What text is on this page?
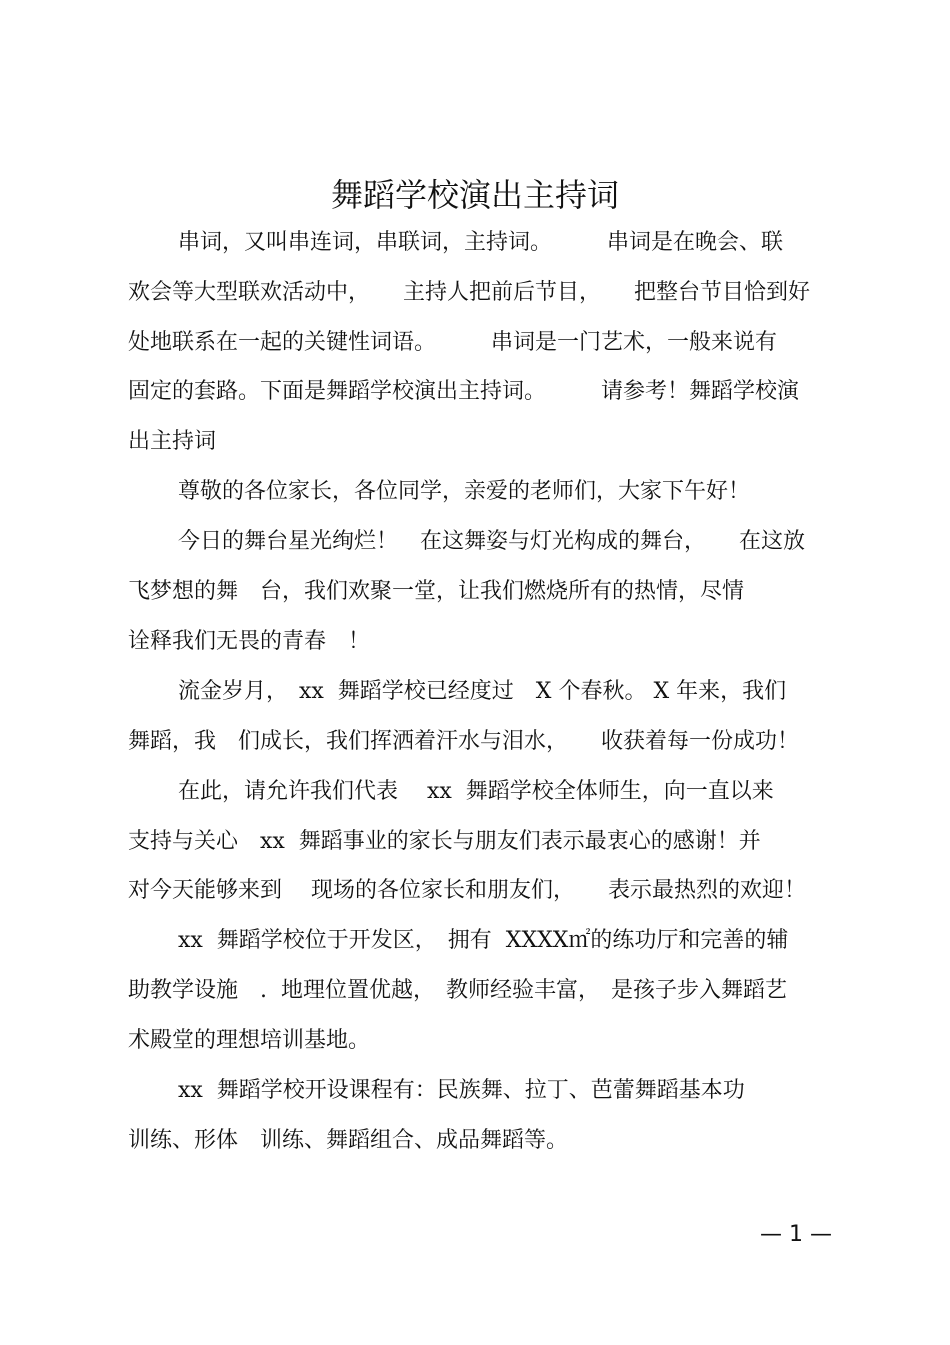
舞蹈学校演出主持词
串词，又叫串连词，串联词，主持词。　　　串词是在晚会、联
欢会等大型联欢活动中，　　主持人把前后节目，　　把整台节目恰到好
处地联系在一起的关键性词语。　　　串词是一门艺术，一般来说有
固定的套路。下面是舞蹈学校演出主持词。　　　请参考！舞蹈学校演
出主持词
尊敬的各位家长，各位同学，亲爱的老师们，大家下午好！
今日的舞台星光绚烂！　在这舞姿与灯光构成的舞台，　　在这放
飞梦想的舞　台，我们欢聚一堂，让我们燃烧所有的热情，尽情
诠释我们无畏的青春　！
流金岁月，　xx  舞蹈学校已经度过　X 个春秋。 X 年来，我们
舞蹈，我　们成长，我们挥洒着汗水与泪水，　　收获着每一份成功！
在此，请允许我们代表　 xx  舞蹈学校全体师生，向一直以来
支持与关心　xx  舞蹈事业的家长与朋友们表示最衷心的感谢！并
对今天能够来到　 现场的各位家长和朋友们，　　表示最热烈的欢迎！
xx  舞蹈学校位于开发区，　拥有  XXXX㎡的练功厅和完善的辅
助教学设施　.  地理位置优越，　教师经验丰富，　是孩子步入舞蹈艺
术殿堂的理想培训基地。
xx  舞蹈学校开设课程有：民族舞、拉丁、芭蕾舞蹈基本功
训练、形体　训练、舞蹈组合、成品舞蹈等。
— 1 —
